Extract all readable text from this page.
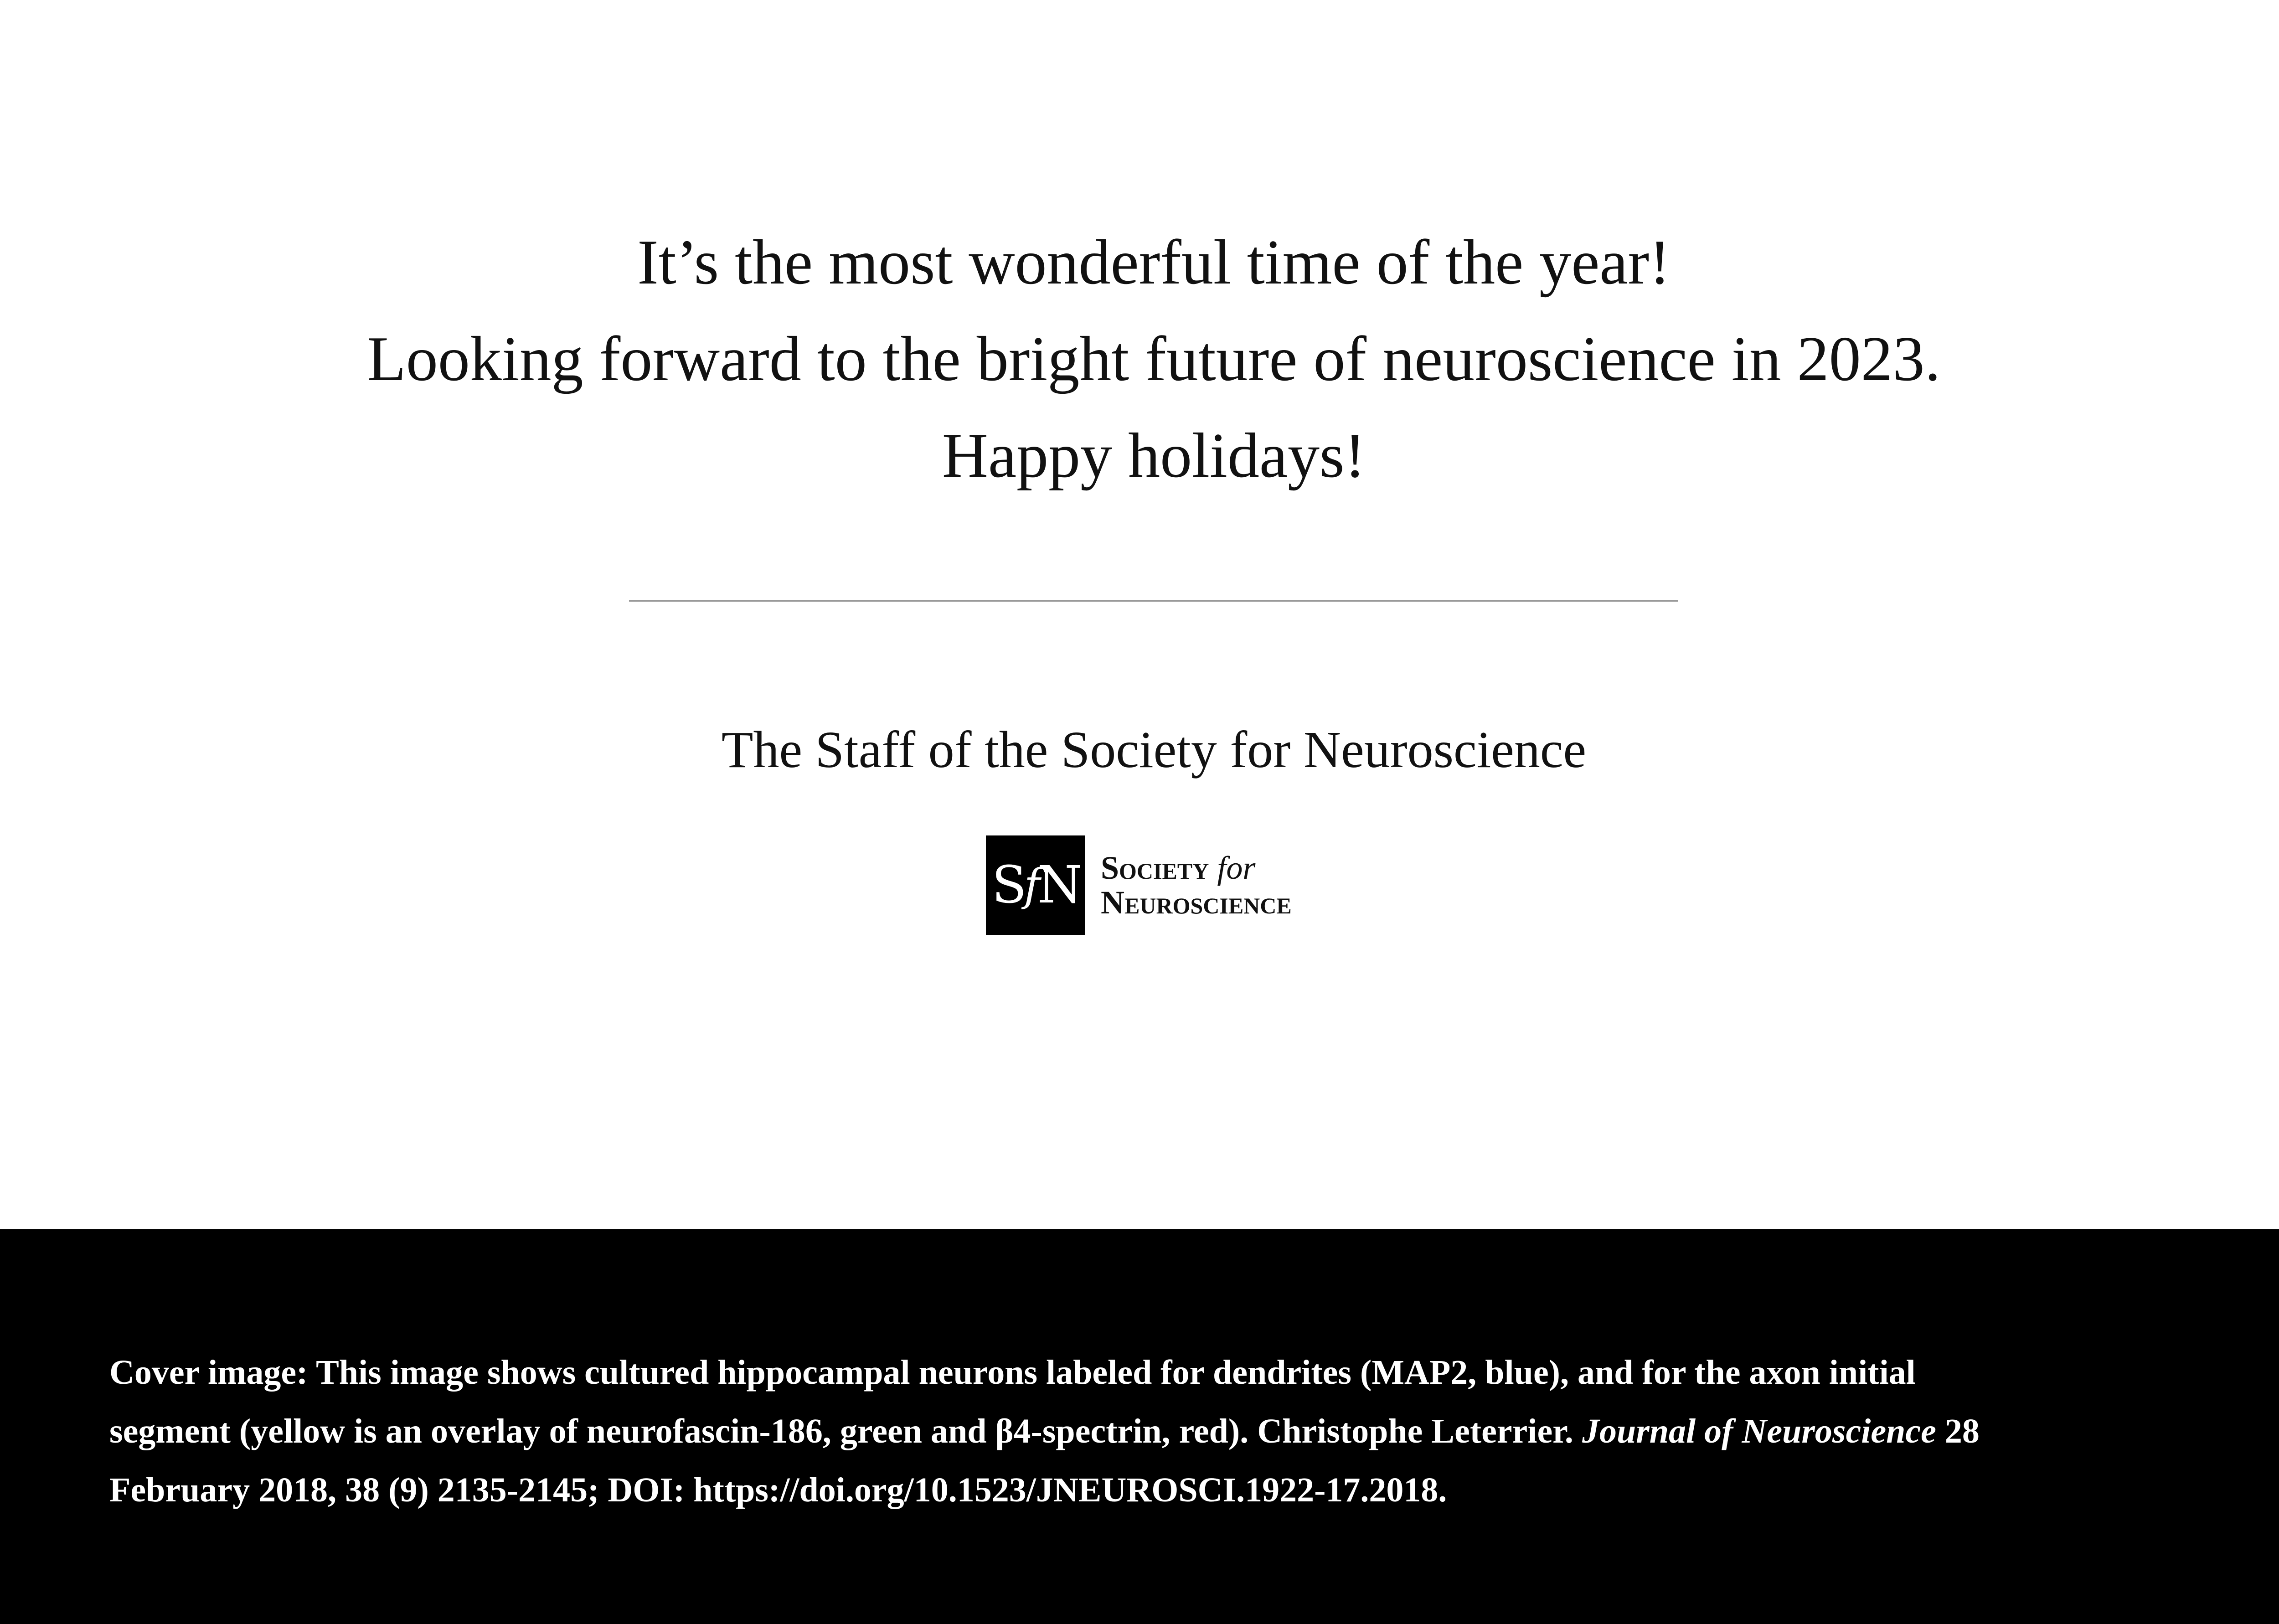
It’s the most wonderful time of the year!
Looking forward to the bright future of neuroscience in 2023.
Happy holidays!
The Staff of the Society for Neuroscience
S f N Society for
Neuroscience
Cover image: This image shows cultured hippocampal neurons labeled for dendrites (MAP2, blue), and for the axon initial
segment (yellow is an overlay of neurofascin-186, green and β4-spectrin, red). Christophe Leterrier. Journal of Neuroscience 28
February 2018, 38 (9) 2135-2145; DOI: https://doi.org/10.1523/JNEUROSCI.1922-17.2018.
